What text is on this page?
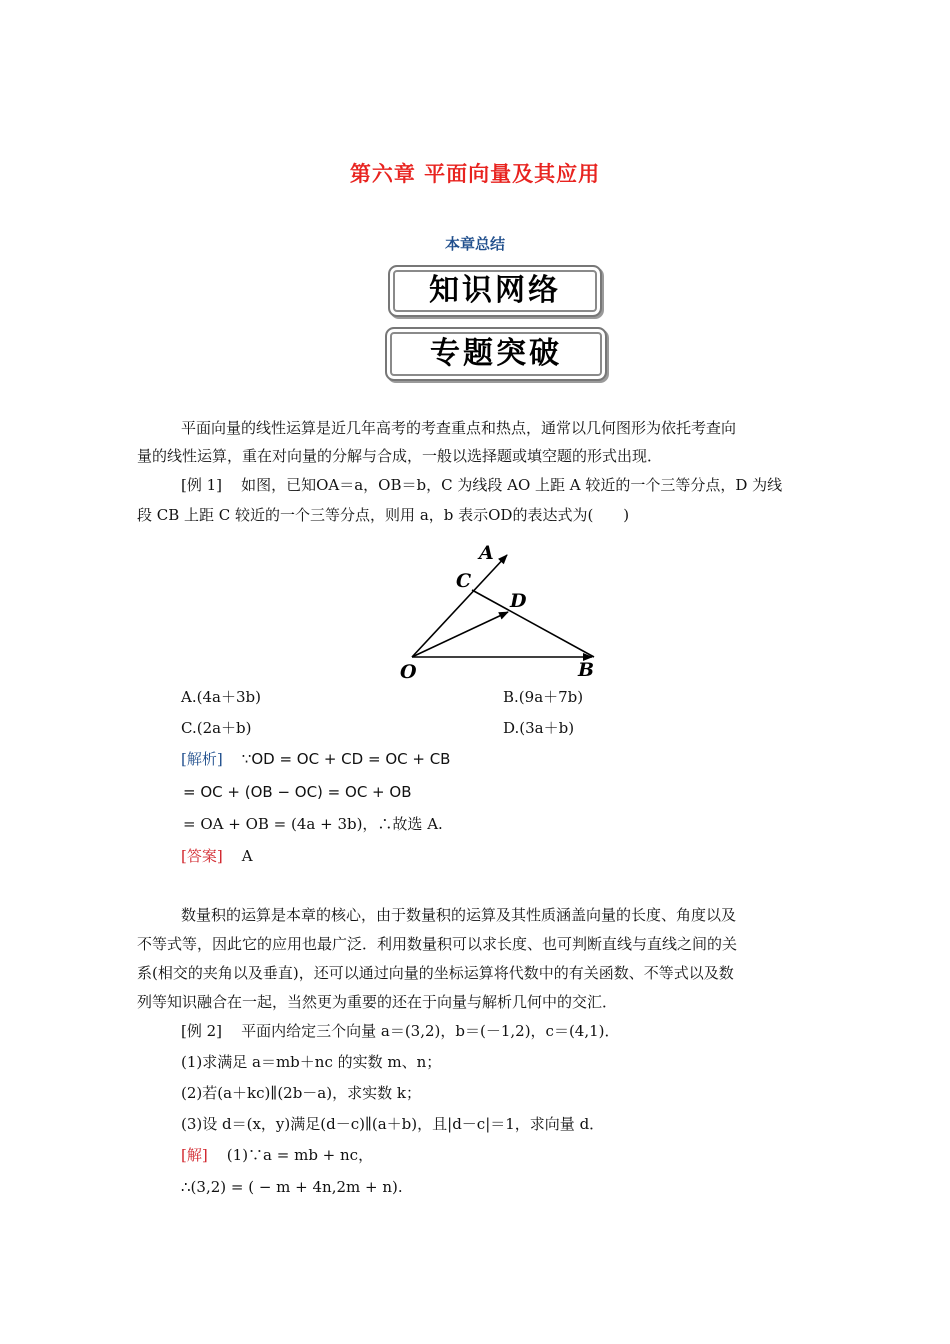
第六章 平面向量及其应用
本章总结
知识网络
专题突破
平面向量的线性运算是近几年高考的考查重点和热点，通常以几何图形为依托考查向
量的线性运算，重在对向量的分解与合成，一般以选择题或填空题的形式出现．
[例 1] 如图，已知OA＝a，OB＝b，C 为线段 AO 上距 A 较近的一个三等分点，D 为线
段 CB 上距 C 较近的一个三等分点，则用 a，b 表示OD的表达式为(　　)
A
C
D
O	B
A.(4a＋3b)	B.(9a＋7b)
C.(2a＋b)	D.(3a＋b)
[解析] ∵OD = OC + CD = OC + CB
= OC + (OB − OC) = OC + OB
= OA + OB = (4a + 3b)，∴故选 A.
[答案] A
数量积的运算是本章的核心，由于数量积的运算及其性质涵盖向量的长度、角度以及
不等式等，因此它的应用也最广泛．利用数量积可以求长度、也可判断直线与直线之间的关
系(相交的夹角以及垂直)，还可以通过向量的坐标运算将代数中的有关函数、不等式以及数
列等知识融合在一起，当然更为重要的还在于向量与解析几何中的交汇．
[例 2] 平面内给定三个向量 a＝(3,2)，b＝(－1,2)，c＝(4,1)．
(1)求满足 a＝mb＋nc 的实数 m、n；
(2)若(a＋kc)∥(2b－a)，求实数 k；
(3)设 d＝(x，y)满足(d－c)∥(a＋b)，且|d－c|＝1，求向量 d．
[解] (1)∵a = mb + nc，
∴(3,2) = ( − m + 4n,2m + n).
